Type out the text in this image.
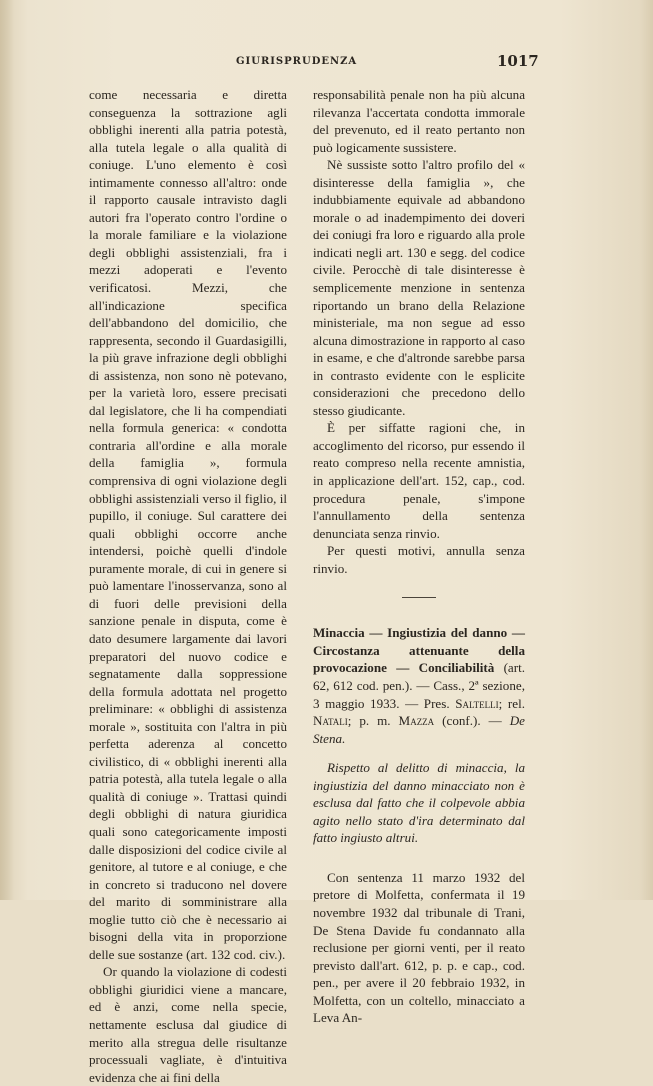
GIURISPRUDENZA	1017

come necessaria e diretta conseguenza la sottrazione agli obblighi inerenti alla patria potestà, alla tutela legale o alla qualità di coniuge. L'uno elemento è così intimamente connesso all'altro: onde il rapporto causale intravisto dagli autori fra l'operato contro l'ordine o la morale familiare e la violazione degli obblighi assistenziali, fra i mezzi adoperati e l'evento verificatosi. Mezzi, che all'indicazione specifica dell'abbandono del domicilio, che rappresenta, secondo il Guardasigilli, la più grave infrazione degli obblighi di assistenza, non sono nè potevano, per la varietà loro, essere precisati dal legislatore, che li ha compendiati nella formula generica: « condotta contraria all'ordine e alla morale della famiglia », formula comprensiva di ogni violazione degli obblighi assistenziali verso il figlio, il pupillo, il coniuge. Sul carattere dei quali obblighi occorre anche intendersi, poichè quelli d'indole puramente morale, di cui in genere si può lamentare l'inosservanza, sono al di fuori delle previsioni della sanzione penale in disputa, come è dato desumere largamente dai lavori preparatori del nuovo codice e segnatamente dalla soppressione della formula adottata nel progetto preliminare: « obblighi di assistenza morale », sostituita con l'altra in più perfetta aderenza al concetto civilistico, di « obblighi inerenti alla patria potestà, alla tutela legale o alla qualità di coniuge ». Trattasi quindi degli obblighi di natura giuridica quali sono categoricamente imposti dalle disposizioni del codice civile al genitore, al tutore e al coniuge, e che in concreto si traducono nel dovere del marito di somministrare alla moglie tutto ciò che è necessario ai bisogni della vita in proporzione delle sue sostanze (art. 132 cod. civ.).

Or quando la violazione di codesti obblighi giuridici viene a mancare, ed è anzi, come nella specie, nettamente esclusa dal giudice di merito alla stregua delle risultanze processuali vagliate, è d'intuitiva evidenza che ai fini della

responsabilità penale non ha più alcuna rilevanza l'accertata condotta immorale del prevenuto, ed il reato pertanto non può logicamente sussistere.

Nè sussiste sotto l'altro profilo del « disinteresse della famiglia », che indubbiamente equivale ad abbandono morale o ad inadempimento dei doveri dei coniugi fra loro e riguardo alla prole indicati negli art. 130 e segg. del codice civile. Perocchè di tale disinteresse è semplicemente menzione in sentenza riportando un brano della Relazione ministeriale, ma non segue ad esso alcuna dimostrazione in rapporto al caso in esame, e che d'altronde sarebbe parsa in contrasto evidente con le esplicite considerazioni che precedono dello stesso giudicante.

È per siffatte ragioni che, in accoglimento del ricorso, pur essendo il reato compreso nella recente amnistia, in applicazione dell'art. 152, cap., cod. procedura penale, s'impone l'annullamento della sentenza denunciata senza rinvio.

Per questi motivi, annulla senza rinvio.

Minaccia — Ingiustizia del danno — Circostanza attenuante della provocazione — Conciliabilità (art. 62, 612 cod. pen.). — Cass., 2ª sezione, 3 maggio 1933. — Pres. Saltelli; rel. Natali; p. m. Mazza (conf.). — De Stena.

Rispetto al delitto di minaccia, la ingiustizia del danno minacciato non è esclusa dal fatto che il colpevole abbia agito nello stato d'ira determinato dal fatto ingiusto altrui.

Con sentenza 11 marzo 1932 del pretore di Molfetta, confermata il 19 novembre 1932 dal tribunale di Trani, De Stena Davide fu condannato alla reclusione per giorni venti, per il reato previsto dall'art. 612, p. p. e cap., cod. pen., per avere il 20 febbraio 1932, in Molfetta, con un coltello, minacciato a Leva An-
